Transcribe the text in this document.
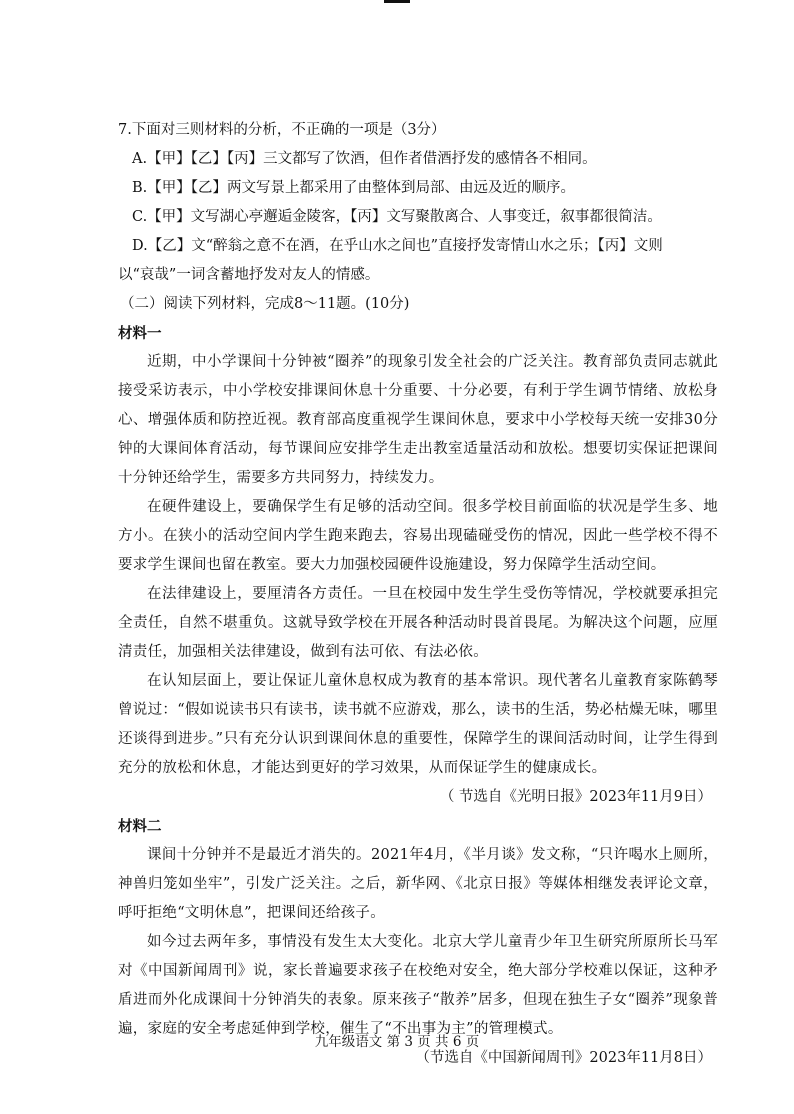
7.下面对三则材料的分析，不正确的一项是（3分）

A.【甲】【乙】【丙】三文都写了饮酒，但作者借酒抒发的感情各不相同。

B.【甲】【乙】两文写景上都采用了由整体到局部、由远及近的顺序。

C.【甲】文写湖心亭邂逅金陵客，【丙】文写聚散离合、人事变迁，叙事都很简洁。

D.【乙】文“醉翁之意不在酒，在乎山水之间也”直接抒发寄情山水之乐；【丙】文则

以“哀哉”一词含蓄地抒发对友人的情感。

（二）阅读下列材料，完成8～11题。(10分)

材料一

近期，中小学课间十分钟被“圈养”的现象引发全社会的广泛关注。教育部负责同志就此接受采访表示，中小学校安排课间休息十分重要、十分必要，有利于学生调节情绪、放松身心、增强体质和防控近视。教育部高度重视学生课间休息，要求中小学校每天统一安排30分钟的大课间体育活动，每节课间应安排学生走出教室适量活动和放松。想要切实保证把课间十分钟还给学生，需要多方共同努力，持续发力。

在硬件建设上，要确保学生有足够的活动空间。很多学校目前面临的状况是学生多、地方小。在狭小的活动空间内学生跑来跑去，容易出现磕碰受伤的情况，因此一些学校不得不要求学生课间也留在教室。要大力加强校园硬件设施建设，努力保障学生活动空间。

在法律建设上，要厘清各方责任。一旦在校园中发生学生受伤等情况，学校就要承担完全责任，自然不堪重负。这就导致学校在开展各种活动时畏首畏尾。为解决这个问题，应厘清责任，加强相关法律建设，做到有法可依、有法必依。

在认知层面上，要让保证儿童休息权成为教育的基本常识。现代著名儿童教育家陈鹤琴曾说过：“假如说读书只有读书，读书就不应游戏，那么，读书的生活，势必枯燥无味，哪里还谈得到进步。”只有充分认识到课间休息的重要性，保障学生的课间活动时间，让学生得到充分的放松和休息，才能达到更好的学习效果，从而保证学生的健康成长。

（ 节选自《光明日报》2023年11月9日）

材料二

课间十分钟并不是最近才消失的。2021年4月，《半月谈》发文称，“只许喝水上厕所，神兽归笼如坐牢”，引发广泛关注。之后，新华网、《北京日报》等媒体相继发表评论文章，呼吁拒绝“文明休息”，把课间还给孩子。

如今过去两年多，事情没有发生太大变化。北京大学儿童青少年卫生研究所原所长马军对《中国新闻周刊》说，家长普遍要求孩子在校绝对安全，绝大部分学校难以保证，这种矛盾进而外化成课间十分钟消失的表象。原来孩子“散养”居多，但现在独生子女“圈养”现象普遍，家庭的安全考虑延伸到学校，催生了“不出事为主”的管理模式。

（节选自《中国新闻周刊》2023年11月8日）

九年级语文 第 3 页 共 6 页
